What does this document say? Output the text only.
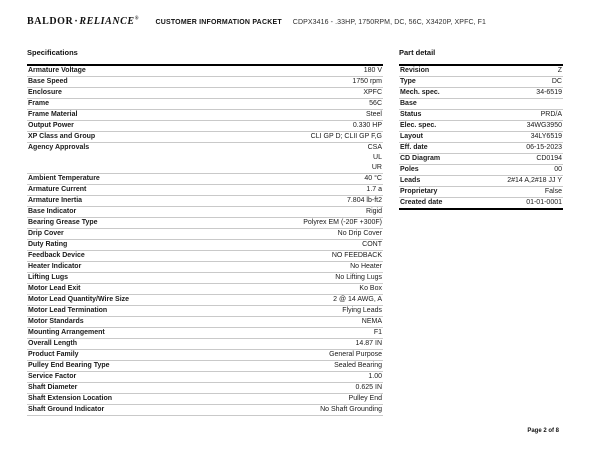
BALDOR·RELIANCE® CUSTOMER INFORMATION PACKET CDPX3416 - .33HP, 1750RPM, DC, 56C, X3420P, XPFC, F1
Specifications
Armature Voltage	180 V
Base Speed	1750 rpm
Enclosure	XPFC
Frame	56C
Frame Material	Steel
Output Power	0.330 HP
XP Class and Group	CLI GP D; CLII GP F,G
Agency Approvals	CSA
UL
UR
Ambient Temperature	40 °C
Armature Current	1.7 a
Armature Inertia	7.804 lb-ft2
Base Indicator	Rigid
Bearing Grease Type	Polyrex EM (-20F +300F)
Drip Cover	No Drip Cover
Duty Rating	CONT
Feedback Device	NO FEEDBACK
Heater Indicator	No Heater
Lifting Lugs	No Lifting Lugs
Motor Lead Exit	Ko Box
Motor Lead Quantity/Wire Size	2 @ 14 AWG, A
Motor Lead Termination	Flying Leads
Motor Standards	NEMA
Mounting Arrangement	F1
Overall Length	14.87 IN
Product Family	General Purpose
Pulley End Bearing Type	Sealed Bearing
Service Factor	1.00
Shaft Diameter	0.625 IN
Shaft Extension Location	Pulley End
Shaft Ground Indicator	No Shaft Grounding
Part detail
Revision	Z
Type	DC
Mech. spec.	34-6519
Base
Status	PRD/A
Elec. spec.	34WG3950
Layout	34LY6519
Eff. date	06-15-2023
CD Diagram	CD0194
Poles	00
Leads	2#14 A,2#18 JJ Y
Proprietary	False
Created date	01-01-0001
Page 2 of 8
